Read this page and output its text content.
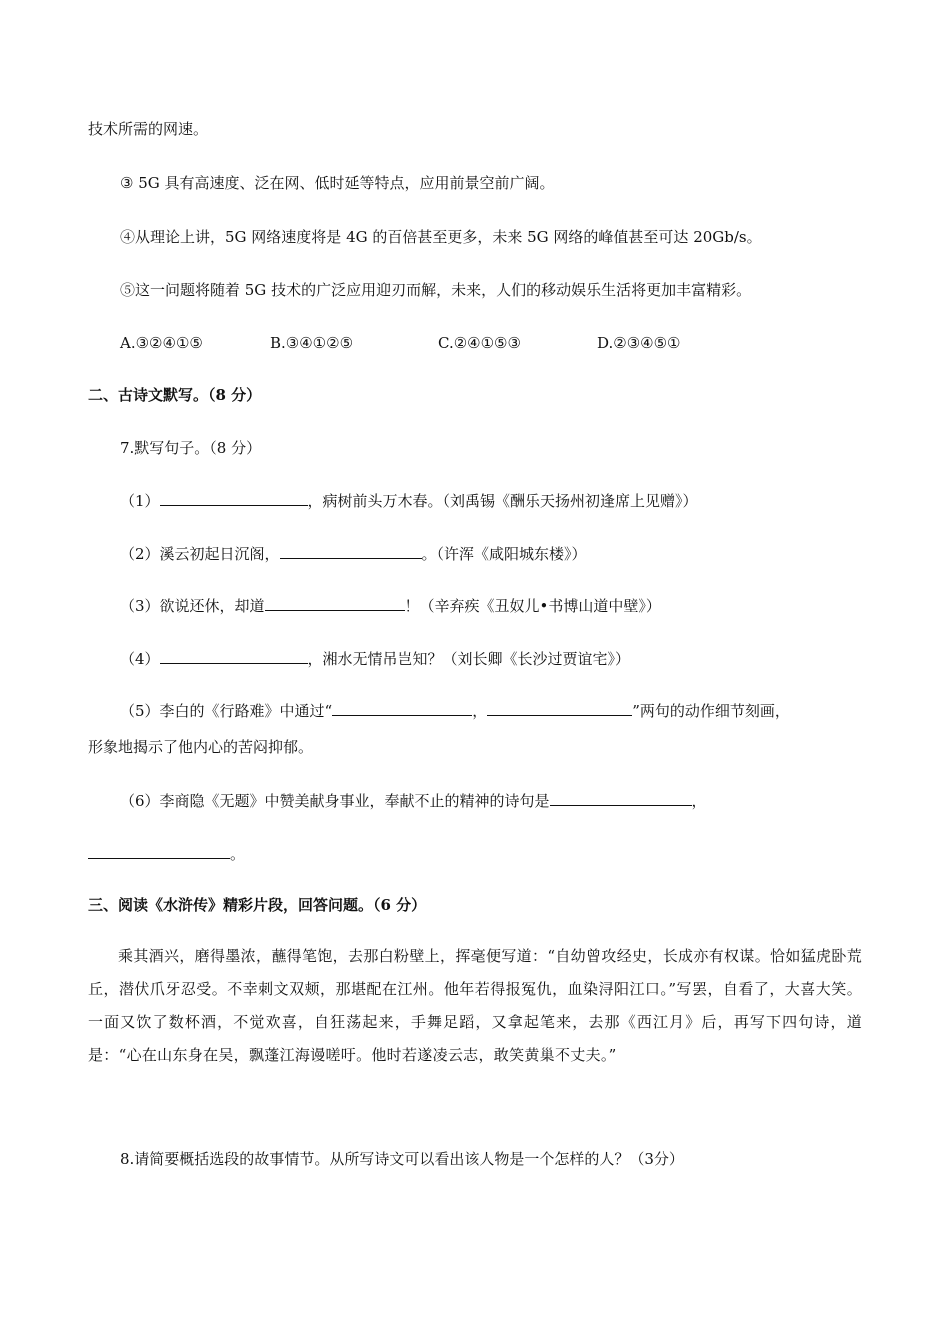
技术所需的网速。
③ 5G 具有高速度、泛在网、低时延等特点，应用前景空前广阔。
④从理论上讲，5G 网络速度将是 4G 的百倍甚至更多，未来 5G 网络的峰值甚至可达 20Gb/s。
⑤这一问题将随着 5G 技术的广泛应用迎刃而解，未来，人们的移动娱乐生活将更加丰富精彩。
A.③②④①⑤	B.③④①②⑤	C.②④①⑤③	D.②③④⑤①
二、古诗文默写。（8 分）
7.默写句子。（8 分）
（1）	，病树前头万木春。（刘禹锡《酬乐天扬州初逢席上见赠》）
（2）溪云初起日沉阁，	。（许浑《咸阳城东楼》）
（3）欲说还休，却道	！（辛弃疾《丑奴儿•书博山道中壁》）
（4）	，湘水无情吊岂知？（刘长卿《长沙过贾谊宅》）
（5）李白的《行路难》中通过“	，	”两句的动作细节刻画，
形象地揭示了他内心的苦闷抑郁。
（6）李商隐《无题》中赞美献身事业，奉献不止的精神的诗句是	，
。
三、阅读《水浒传》精彩片段，回答问题。（6 分）
乘其酒兴，磨得墨浓，蘸得笔饱，去那白粉壁上，挥毫便写道：“自幼曾攻经史，长成亦有权谋。恰如猛虎卧荒丘，潜伏爪牙忍受。不幸刺文双颊，那堪配在江州。他年若得报冤仇，血染浔阳江口。”写罢，自看了，大喜大笑。一面又饮了数杯酒，不觉欢喜，自狂荡起来，手舞足蹈，又拿起笔来，去那《西江月》后，再写下四句诗，道是：“心在山东身在吴，飘蓬江海谩嗟吁。他时若遂凌云志，敢笑黄巢不丈夫。”
8.请简要概括选段的故事情节。从所写诗文可以看出该人物是一个怎样的人？（3分）
